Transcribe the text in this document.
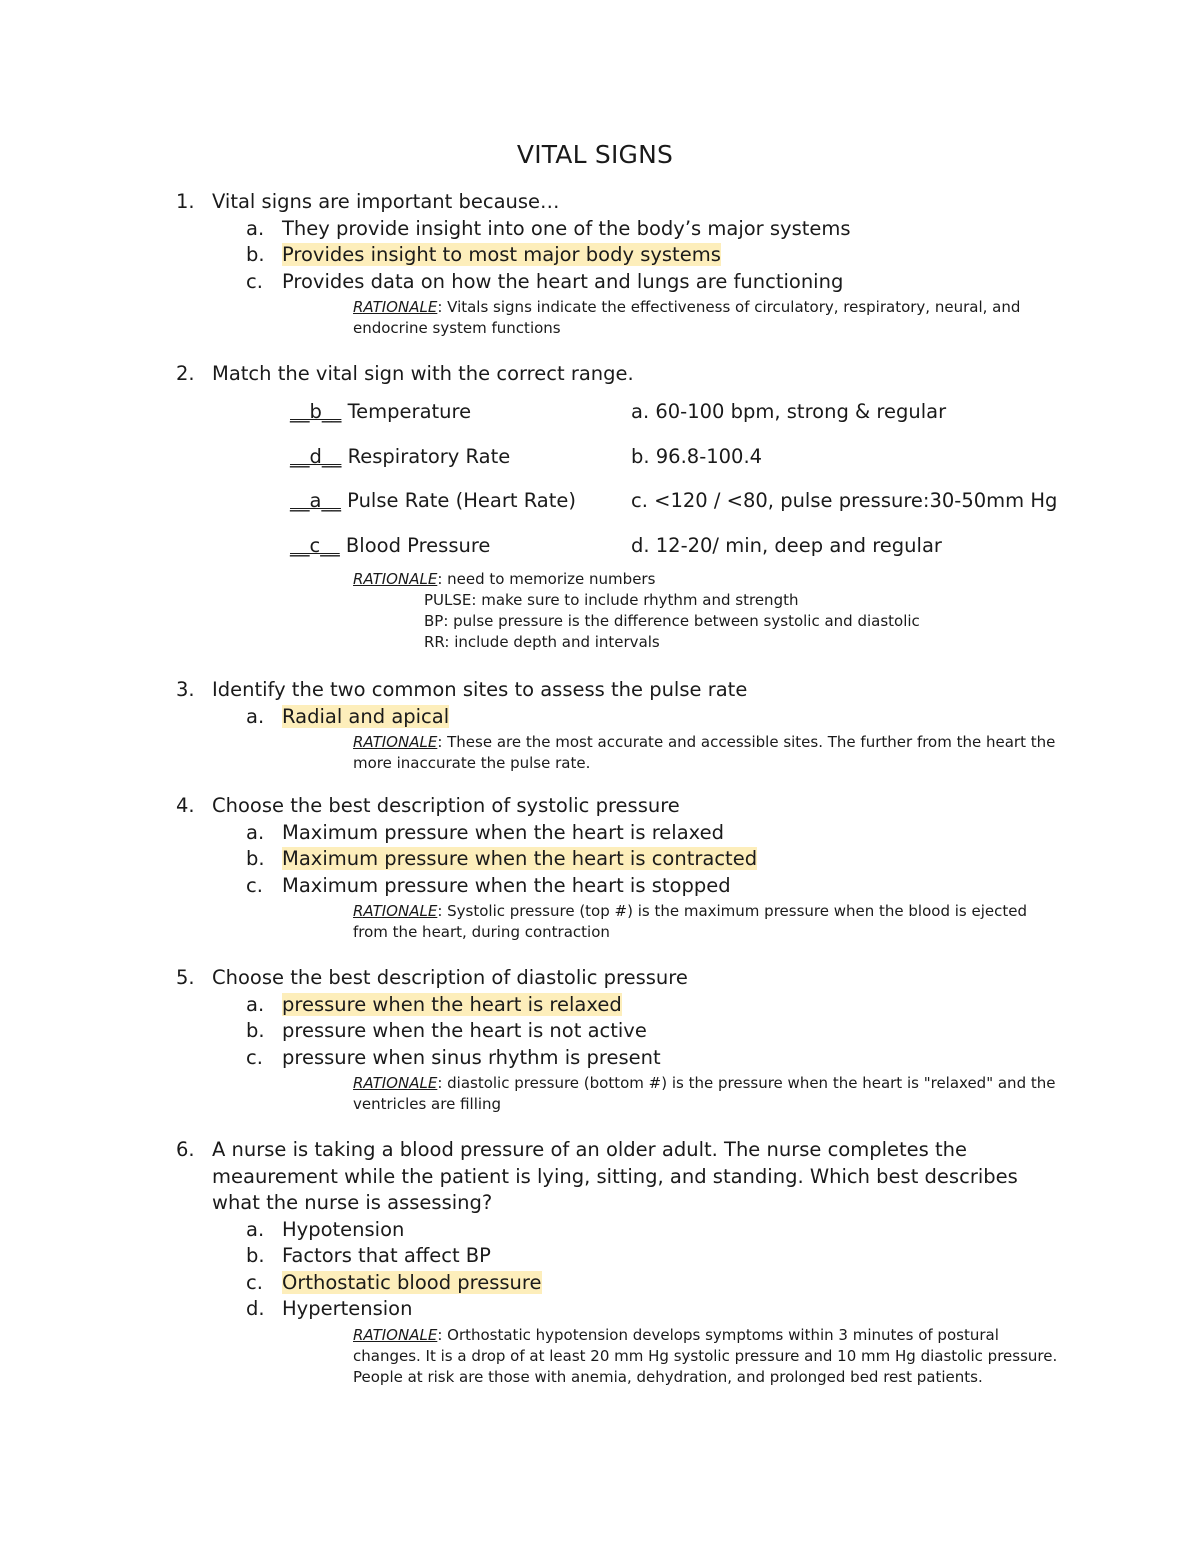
VITAL SIGNS
1. Vital signs are important because…
a. They provide insight into one of the body’s major systems
b. Provides insight to most major body systems
c. Provides data on how the heart and lungs are functioning
RATIONALE: Vitals signs indicate the effectiveness of circulatory, respiratory, neural, and endocrine system functions
2. Match the vital sign with the correct range.
__b__ Temperature	a. 60-100 bpm, strong & regular
__d__ Respiratory Rate	b. 96.8-100.4
__a__ Pulse Rate (Heart Rate)	c. <120 / <80, pulse pressure:30-50mm Hg
__c__ Blood Pressure	d. 12-20/ min, deep and regular
RATIONALE: need to memorize numbers
PULSE: make sure to include rhythm and strength
BP: pulse pressure is the difference between systolic and diastolic
RR: include depth and intervals
3. Identify the two common sites to assess the pulse rate
a. Radial and apical
RATIONALE: These are the most accurate and accessible sites. The further from the heart the more inaccurate the pulse rate.
4. Choose the best description of systolic pressure
a. Maximum pressure when the heart is relaxed
b. Maximum pressure when the heart is contracted
c. Maximum pressure when the heart is stopped
RATIONALE: Systolic pressure (top #) is the maximum pressure when the blood is ejected from the heart, during contraction
5. Choose the best description of diastolic pressure
a. pressure when the heart is relaxed
b. pressure when the heart is not active
c. pressure when sinus rhythm is present
RATIONALE: diastolic pressure (bottom #) is the pressure when the heart is "relaxed" and the ventricles are filling
6. A nurse is taking a blood pressure of an older adult. The nurse completes the meaurement while the patient is lying, sitting, and standing. Which best describes what the nurse is assessing?
a. Hypotension
b. Factors that affect BP
c. Orthostatic blood pressure
d. Hypertension
RATIONALE: Orthostatic hypotension develops symptoms within 3 minutes of postural changes. It is a drop of at least 20 mm Hg systolic pressure and 10 mm Hg diastolic pressure. People at risk are those with anemia, dehydration, and prolonged bed rest patients.
